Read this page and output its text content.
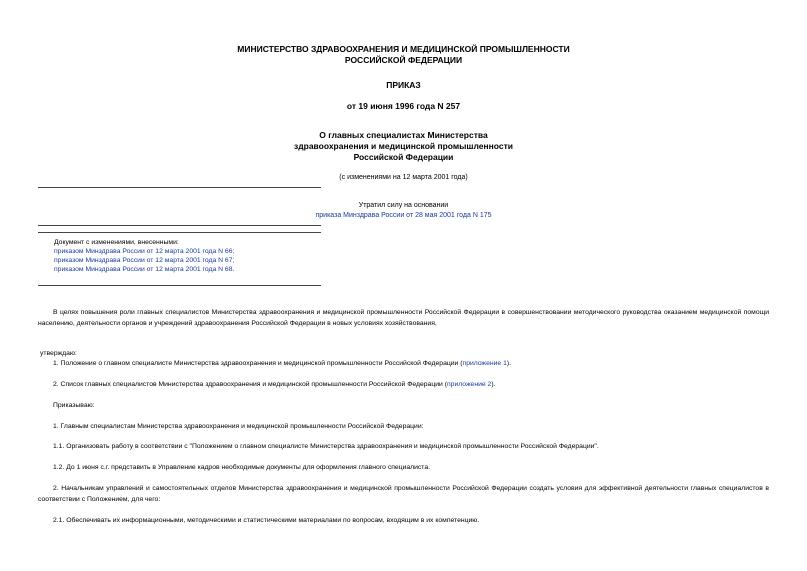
МИНИСТЕРСТВО ЗДРАВООХРАНЕНИЯ И МЕДИЦИНСКОЙ ПРОМЫШЛЕННОСТИ
РОССИЙСКОЙ ФЕДЕРАЦИИ
ПРИКАЗ
от 19 июня 1996 года N 257
О главных специалистах Министерства
здравоохранения и медицинской промышленности
Российской Федерации
(с изменениями на 12 марта 2001 года)
Утратил силу на основании
приказа Минздрава России от 28 мая 2001 года N 175
Документ с изменениями, внесенными:
приказом Минздрава России от 12 марта 2001 года N 66;
приказом Минздрава России от 12 марта 2001 года N 67;
приказом Минздрава России от 12 марта 2001 года N 68.
В целях повышения роли главных специалистов Министерства здравоохранения и медицинской промышленности Российской Федерации в совершенствовании методического руководства оказанием медицинской помощи населению, деятельности органов и учреждений здравоохранения Российской Федерации в новых условиях хозяйствования,
утверждаю:
1. Положение о главном специалисте Министерства здравоохранения и медицинской промышленности Российской Федерации (приложение 1).
2. Список главных специалистов Министерства здравоохранения и медицинской промышленности Российской Федерации (приложение 2).
Приказываю:
1. Главным специалистам Министерства здравоохранения и медицинской промышленности Российской Федерации:
1.1. Организовать работу в соответствии с "Положением о главном специалисте Министерства здравоохранения и медицинской промышленности Российской Федерации".
1.2. До 1 июня с.г. представить в Управление кадров необходимые документы для оформления главного специалиста.
2. Начальникам управлений и самостоятельных отделов Министерства здравоохранения и медицинской промышленности Российской Федерации создать условия для эффективной деятельности главных специалистов в соответствии с Положением, для чего:
2.1. Обеспечивать их информационными, методическими и статистическими материалами по вопросам, входящим в их компетенцию.
